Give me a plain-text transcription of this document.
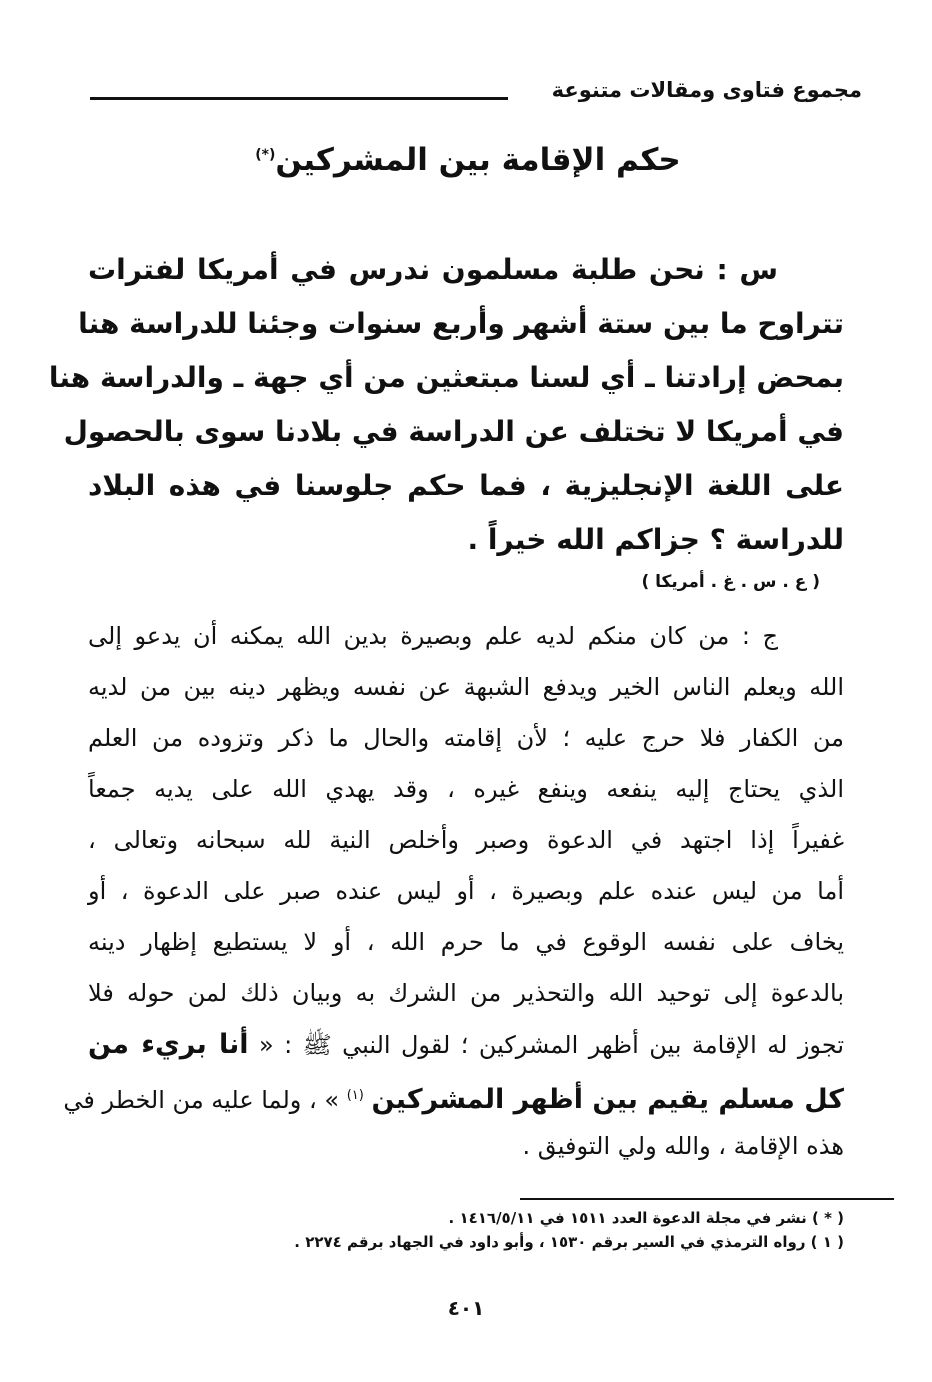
مجموع فتاوى ومقالات متنوعة
حكم الإقامة بين المشركين(*)
س : نحن طلبة مسلمون ندرس في أمريكا لفترات
تتراوح ما بين ستة أشهر وأربع سنوات وجئنا للدراسة هنا
بمحض إرادتنا ـ أي لسنا مبتعثين من أي جهة ـ والدراسة هنا
في أمريكا لا تختلف عن الدراسة في بلادنا سوى بالحصول
على اللغة الإنجليزية ، فما حكم جلوسنا في هذه البلاد
للدراسة ؟ جزاكم الله خيراً .
( ع . س . غ . أمريكا )
ج : من كان منكم لديه علم وبصيرة بدين الله يمكنه أن يدعو إلى
الله ويعلم الناس الخير ويدفع الشبهة عن نفسه ويظهر دينه بين من لديه
من الكفار فلا حرج عليه ؛ لأن إقامته والحال ما ذكر وتزوده من العلم
الذي يحتاج إليه ينفعه وينفع غيره ، وقد يهدي الله على يديه جمعاً
غفيراً إذا اجتهد في الدعوة وصبر وأخلص النية لله سبحانه وتعالى ،
أما من ليس عنده علم وبصيرة ، أو ليس عنده صبر على الدعوة ، أو
يخاف على نفسه الوقوع في ما حرم الله ، أو لا يستطيع إظهار دينه
بالدعوة إلى توحيد الله والتحذير من الشرك به وبيان ذلك لمن حوله فلا
تجوز له الإقامة بين أظهر المشركين ؛ لقول النبي ﷺ : « أنا بريء من
كل مسلم يقيم بين أظهر المشركين $^{(١)}$ » ، ولما عليه من الخطر في
هذه الإقامة ، والله ولي التوفيق .
( * ) نشر في مجلة الدعوة العدد ١٥١١ في ١٤١٦/٥/١١ .
( ١ ) رواه الترمذي في السير برقم ١٥٣٠ ، وأبو داود في الجهاد برقم ٢٢٧٤ .
٤٠١
